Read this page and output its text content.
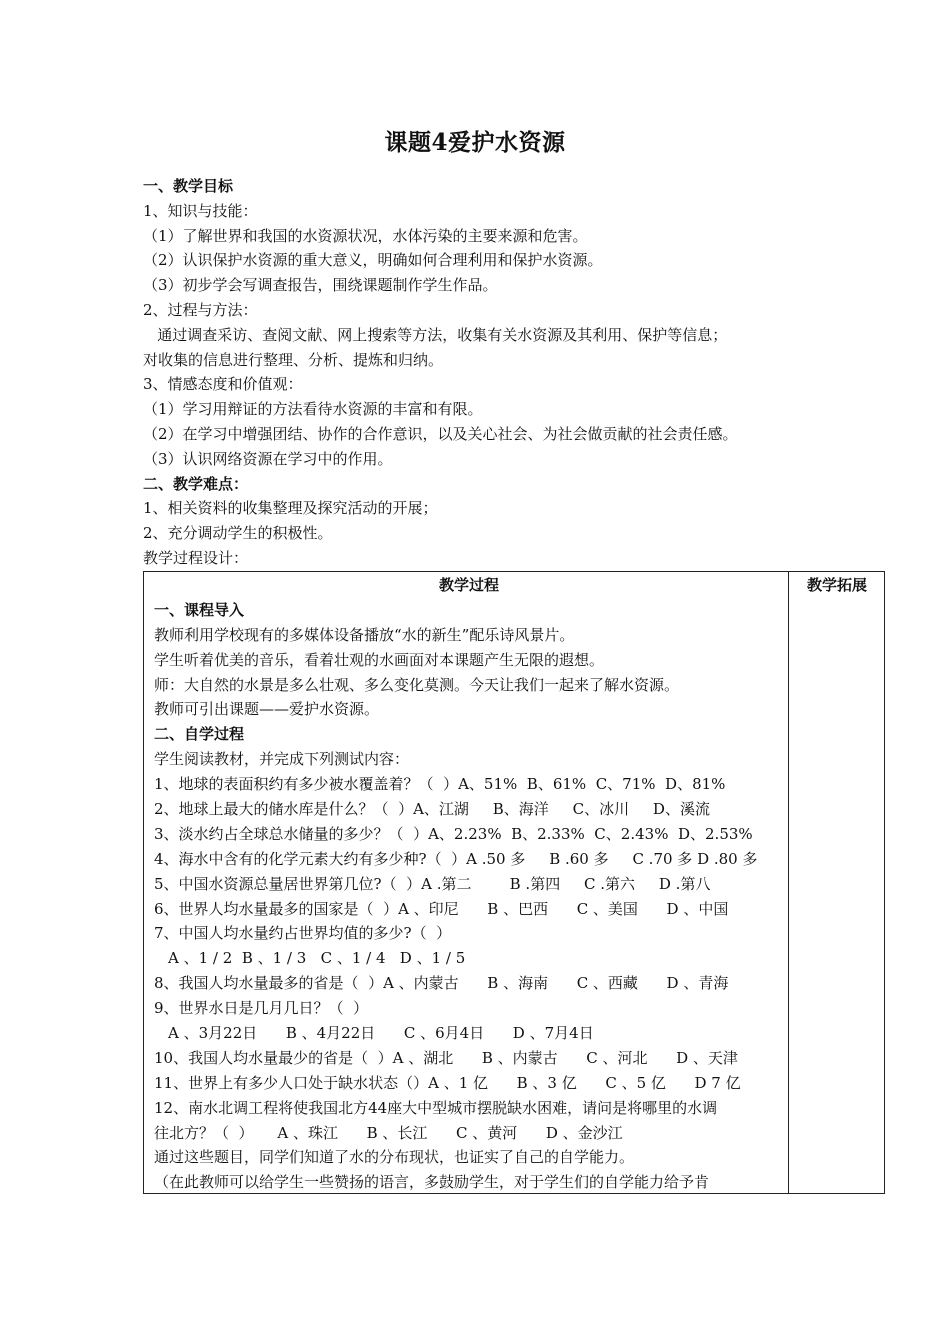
课题4爱护水资源
一、教学目标
1、知识与技能：
（1）了解世界和我国的水资源状况，水体污染的主要来源和危害。
（2）认识保护水资源的重大意义，明确如何合理利用和保护水资源。
（3）初步学会写调查报告，围绕课题制作学生作品。
2、过程与方法：
通过调查采访、查阅文献、网上搜索等方法，收集有关水资源及其利用、保护等信息；
对收集的信息进行整理、分析、提炼和归纳。
3、情感态度和价值观：
（1）学习用辩证的方法看待水资源的丰富和有限。
（2）在学习中增强团结、协作的合作意识，以及关心社会、为社会做贡献的社会责任感。
（3）认识网络资源在学习中的作用。
二、教学难点：
1、相关资料的收集整理及探究活动的开展；
2、充分调动学生的积极性。
教学过程设计：
教学过程
一、课程导入
教师利用学校现有的多媒体设备播放“水的新生”配乐诗风景片。
学生听着优美的音乐，看着壮观的水画面对本课题产生无限的遐想。
师：大自然的水景是多么壮观、多么变化莫测。今天让我们一起来了解水资源。
教师可引出课题——爱护水资源。
二、自学过程
学生阅读教材，并完成下列测试内容：
1、地球的表面积约有多少被水覆盖着？（  ）A、51%  B、61%  C、71%  D、81%
2、地球上最大的储水库是什么？（  ）A、江湖     B、海洋     C、冰川     D、溪流
3、淡水约占全球总水储量的多少？（  ）A、2.23%  B、2.33%  C、2.43%  D、2.53%
4、海水中含有的化学元素大约有多少种?（  ）A .50 多     B .60 多     C .70 多 D .80 多
5、中国水资源总量居世界第几位?（  ）A .第二        B .第四     C .第六     D .第八
6、世界人均水量最多的国家是（  ）A 、印尼      B 、巴西      C 、美国      D 、中国
7、中国人均水量约占世界均值的多少?（  ）
A 、1 / 2  B 、1 / 3   C 、1 / 4   D 、1 / 5
8、我国人均水量最多的省是（  ）A 、内蒙古      B 、海南      C 、西藏      D 、青海
9、世界水日是几月几日？（  ）
A 、3月22日      B 、4月22日      C 、6月4日      D 、7月4日
10、我国人均水量最少的省是（  ）A 、湖北      B 、内蒙古      C 、河北      D 、天津
11、世界上有多少人口处于缺水状态（）A 、1 亿      B 、3 亿      C 、5 亿      D 7 亿
12、南水北调工程将使我国北方44座大中型城市摆脱缺水困难，请问是将哪里的水调
往北方？（  ）     A 、珠江      B 、长江      C 、黄河      D 、金沙江
通过这些题目，同学们知道了水的分布现状，也证实了自己的自学能力。
（在此教师可以给学生一些赞扬的语言，多鼓励学生，对于学生们的自学能力给予肯
教学拓展
